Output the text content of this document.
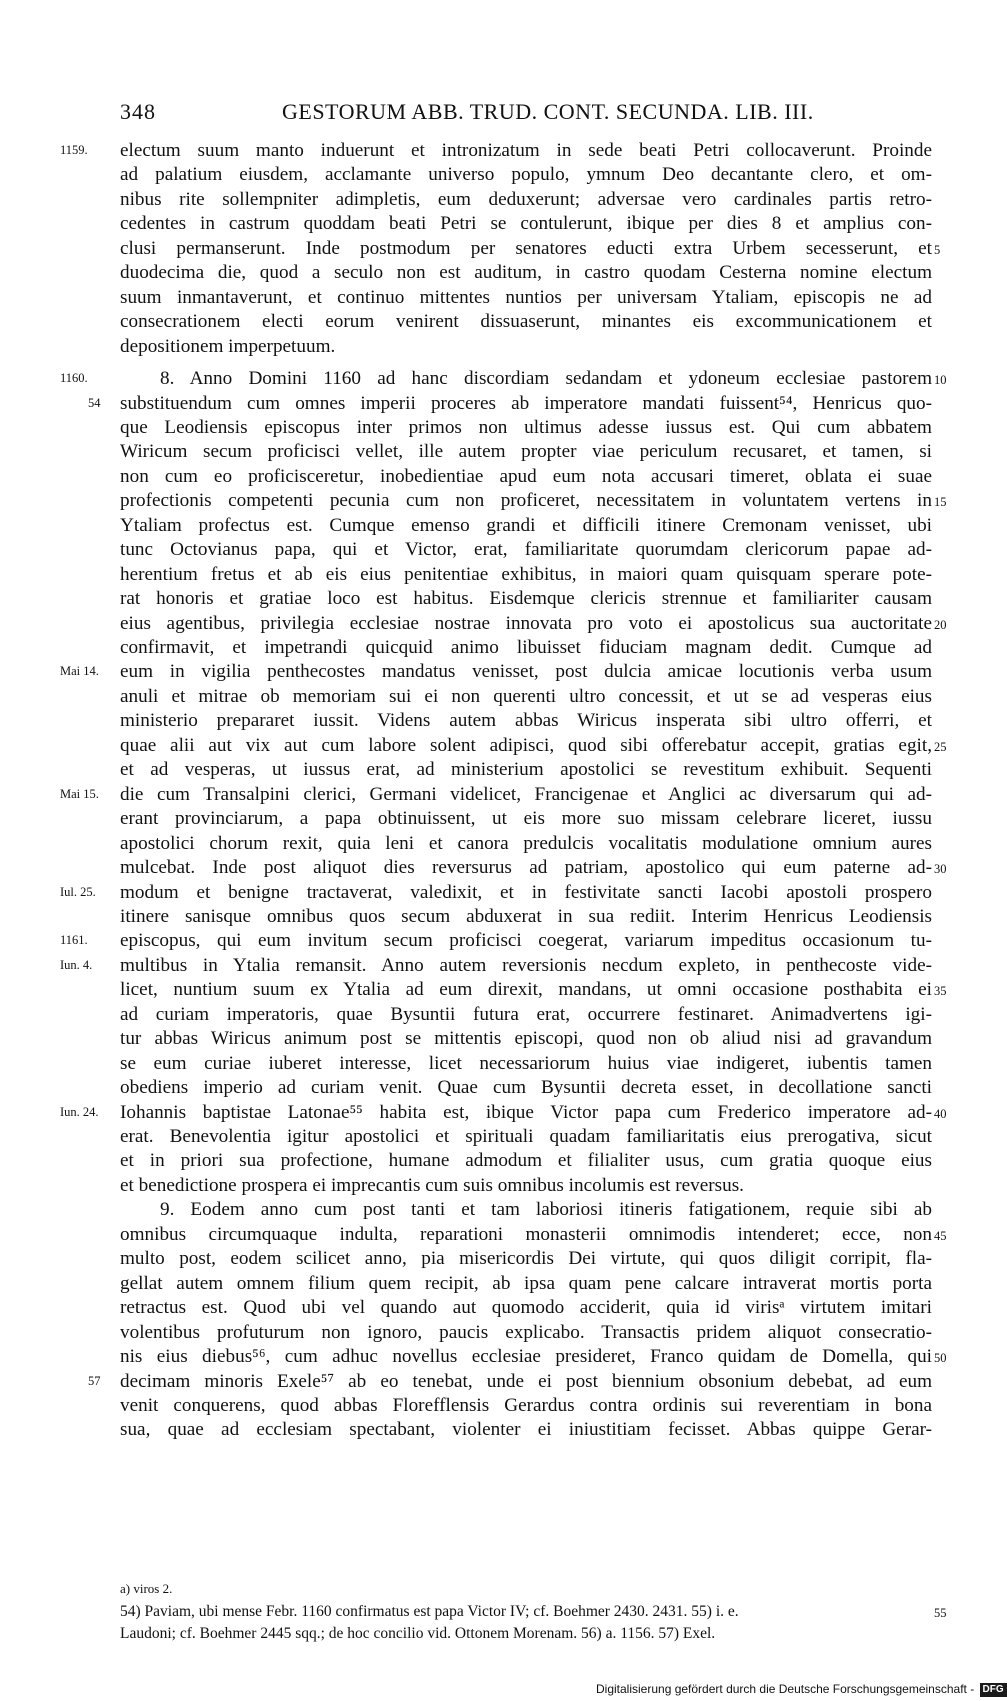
348	GESTORUM ABB. TRUD. CONT. SECUNDA. LIB. III.
electum suum manto induerunt et intronizatum in sede beati Petri collocaverunt. Proinde
1159.
ad palatium eiusdem, acclamante universo populo, ymnum Deo decantante clero, et om-
nibus rite sollempniter adimpletis, eum deduxerunt; adversae vero cardinales partis retro-
cedentes in castrum quoddam beati Petri se contulerunt, ibique per dies 8 et amplius con-
clusi permanserunt. Inde postmodum per senatores educti extra Urbem secesserunt, et 5
duodecima die, quod a seculo non est auditum, in castro quodam Cesterna nomine electum
suum inmantaverunt, et continuo mittentes nuntios per universam Ytaliam, episcopis ne ad
consecrationem electi eorum venirent dissuaserunt, minantes eis excommunicationem et
depositionem imperpetuum.
8. Anno Domini 1160 ad hanc discordiam sedandam et ydoneum ecclesiae pastorem
1160.	10
substituendum cum omnes imperii proceres ab imperatore mandati fuissent⁵⁴, Henricus quo-
54
que Leodiensis episcopus inter primos non ultimus adesse iussus est. Qui cum abbatem
Wiricum secum proficisci vellet, ille autem propter viae periculum recusaret, et tamen, si
non cum eo proficisceretur, inobedientiae apud eum nota accusari timeret, oblata ei suae
profectionis competenti pecunia cum non proficeret, necessitatem in voluntatem vertens in 15
Ytaliam profectus est. Cumque emenso grandi et difficili itinere Cremonam venisset, ubi
tunc Octovianus papa, qui et Victor, erat, familiaritate quorumdam clericorum papae ad-
herentium fretus et ab eis eius penitentiae exhibitus, in maiori quam quisquam sperare pote-
rat honoris et gratiae loco est habitus. Eisdemque clericis strennue et familiariter causam
eius agentibus, privilegia ecclesiae nostrae innovata pro voto ei apostolicus sua auctoritate 20
confirmavit, et impetrandi quicquid animo libuisset fiduciam magnam dedit. Cumque ad
eum in vigilia penthecostes mandatus venisset, post dulcia amicae locutionis verba usum
Mai 14.
anuli et mitrae ob memoriam sui ei non querenti ultro concessit, et ut se ad vesperas eius
ministerio prepararet iussit. Videns autem abbas Wiricus insperata sibi ultro offerri, et
quae alii aut vix aut cum labore solent adipisci, quod sibi offerebatur accepit, gratias egit, 25
et ad vesperas, ut iussus erat, ad ministerium apostolici se revestitum exhibuit. Sequenti
die cum Transalpini clerici, Germani videlicet, Francigenae et Anglici ac diversarum qui ad-
Mai 15.
erant provinciarum, a papa obtinuissent, ut eis more suo missam celebrare liceret, iussu
apostolici chorum rexit, quia leni et canora predulcis vocalitatis modulatione omnium aures
mulcebat. Inde post aliquot dies reversurus ad patriam, apostolico qui eum paterne ad- 30
modum et benigne tractaverat, valedixit, et in festivitate sancti Iacobi apostoli prospero
Iul. 25.
itinere sanisque omnibus quos secum abduxerat in sua rediit. Interim Henricus Leodiensis
episcopus, qui eum invitum secum proficisci coegerat, variarum impeditus occasionum tu-
1161.
multibus in Ytalia remansit. Anno autem reversionis necdum expleto, in penthecoste vide-
Iun. 4.
licet, nuntium suum ex Ytalia ad eum direxit, mandans, ut omni occasione posthabita ei 35
ad curiam imperatoris, quae Bysuntii futura erat, occurrere festinaret. Animadvertens igi-
tur abbas Wiricus animum post se mittentis episcopi, quod non ob aliud nisi ad gravandum
se eum curiae iuberet interesse, licet necessariorum huius viae indigeret, iubentis tamen
obediens imperio ad curiam venit. Quae cum Bysuntii decreta esset, in decollatione sancti
Iohannis baptistae Latonae⁵⁵ habita est, ibique Victor papa cum Frederico imperatore ad-
Iun. 24.	40
erat. Benevolentia igitur apostolici et spirituali quadam familiaritatis eius prerogativa, sicut
et in priori sua profectione, humane admodum et filialiter usus, cum gratia quoque eius
et benedictione prospera ei imprecantis cum suis omnibus incolumis est reversus.
9. Eodem anno cum post tanti et tam laboriosi itineris fatigationem, requie sibi ab
omnibus circumquaque indulta, reparationi monasterii omnimodis intenderet; ecce, non 45
multo post, eodem scilicet anno, pia misericordis Dei virtute, qui quos diligit corripit, fla-
gellat autem omnem filium quem recipit, ab ipsa quam pene calcare intraverat mortis porta
retractus est. Quod ubi vel quando aut quomodo acciderit, quia id virisᵃ virtutem imitari
volentibus profuturum non ignoro, paucis explicabo. Transactis pridem aliquot consecratio-
nis eius diebus⁵⁶, cum adhuc novellus ecclesiae presideret, Franco quidam de Domella, qui 50
decimam minoris Exele⁵⁷ ab eo tenebat, unde ei post biennium obsonium debebat, ad eum
57
venit conquerens, quod abbas Florefflensis Gerardus contra ordinis sui reverentiam in bona
sua, quae ad ecclesiam spectabant, violenter ei iniustitiam fecisset. Abbas quippe Gerar-
a) viros 2.
54) Paviam, ubi mense Febr. 1160 confirmatus est papa Victor IV; cf. Boehmer 2430. 2431. 55) i. e.	55
Laudoni; cf. Boehmer 2445 sqq.; de hoc concilio vid. Ottonem Morenam. 56) a. 1156. 57) Exel.
Digitalisierung gefördert durch die Deutsche Forschungsgemeinschaft - DFG
